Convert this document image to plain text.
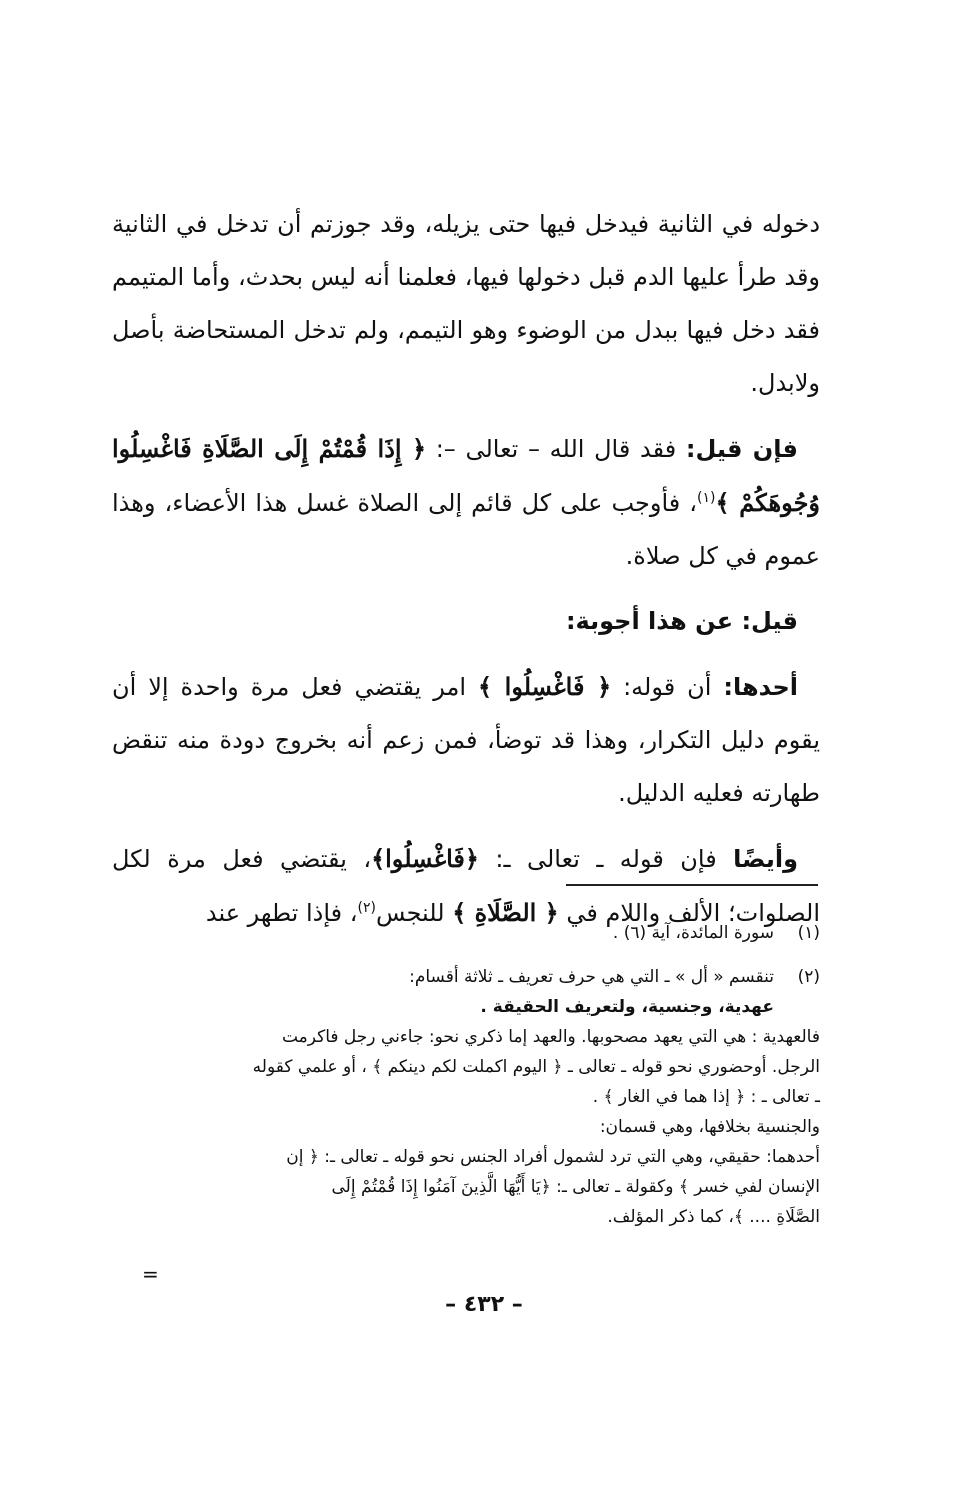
دخوله في الثانية فيدخل فيها حتى يزيله، وقد جوزتم أن تدخل في الثانية وقد طرأ عليها الدم قبل دخولها فيها، فعلمنا أنه ليس بحدث، وأما المتيمم فقد دخل فيها ببدل من الوضوء وهو التيمم، ولم تدخل المستحاضة بأصل ولابدل.

فإن قيل: فقد قال الله – تعالى –: ﴿ إِذَا قُمْتُمْ إِلَى الصَّلَاةِ فَاغْسِلُوا وُجُوهَكُمْ ﴾$^{(١)}$، فأوجب على كل قائم إلى الصلاة غسل هذا الأعضاء، وهذا عموم في كل صلاة.

قيل: عن هذا أجوبة:

أحدها: أن قوله: ﴿ فَاغْسِلُوا ﴾ امر يقتضي فعل مرة واحدة إلا أن يقوم دليل التكرار، وهذا قد توضأ، فمن زعم أنه بخروج دودة منه تنقض طهارته فعليه الدليل.

وأيضًا فإن قوله ـ تعالى ـ: ﴿فَاغْسِلُوا﴾، يقتضي فعل مرة لكل الصلوات؛ الألف واللام في ﴿ الصَّلَاةِ ﴾ للنجس$^{(٢)}$، فإذا تطهر عند

(١)
سورة المائدة، آية (٦) .
(٢)
تنقسم « أل » ـ التي هي حرف تعريف ـ ثلاثة أقسام:
عهدية، وجنسية، ولتعريف الحقيقة .
فالعهدية : هي التي يعهد مصحوبها. والعهد إما ذكري نحو: جاءني رجل فاكرمت
الرجل. أوحضوري نحو قوله ـ تعالى ـ ﴿ اليوم اكملت لكم دينكم ﴾ ، أو علمي كقوله
ـ تعالى ـ : ﴿ إذا هما في الغار ﴾ .
والجنسية بخلافها، وهي قسمان:
أحدهما: حقيقي، وهي التي ترد لشمول أفراد الجنس نحو قوله ـ تعالى ـ: ﴿ إن
الإنسان لفي خسر ﴾ وكقولة ـ تعالى ـ: ﴿يَا أَيُّهَا الَّذِينَ آمَنُوا إِذَا قُمْتُمْ إِلَى
الصَّلَاةِ .... ﴾، كما ذكر المؤلف.
=
– ٤٣٢ –
